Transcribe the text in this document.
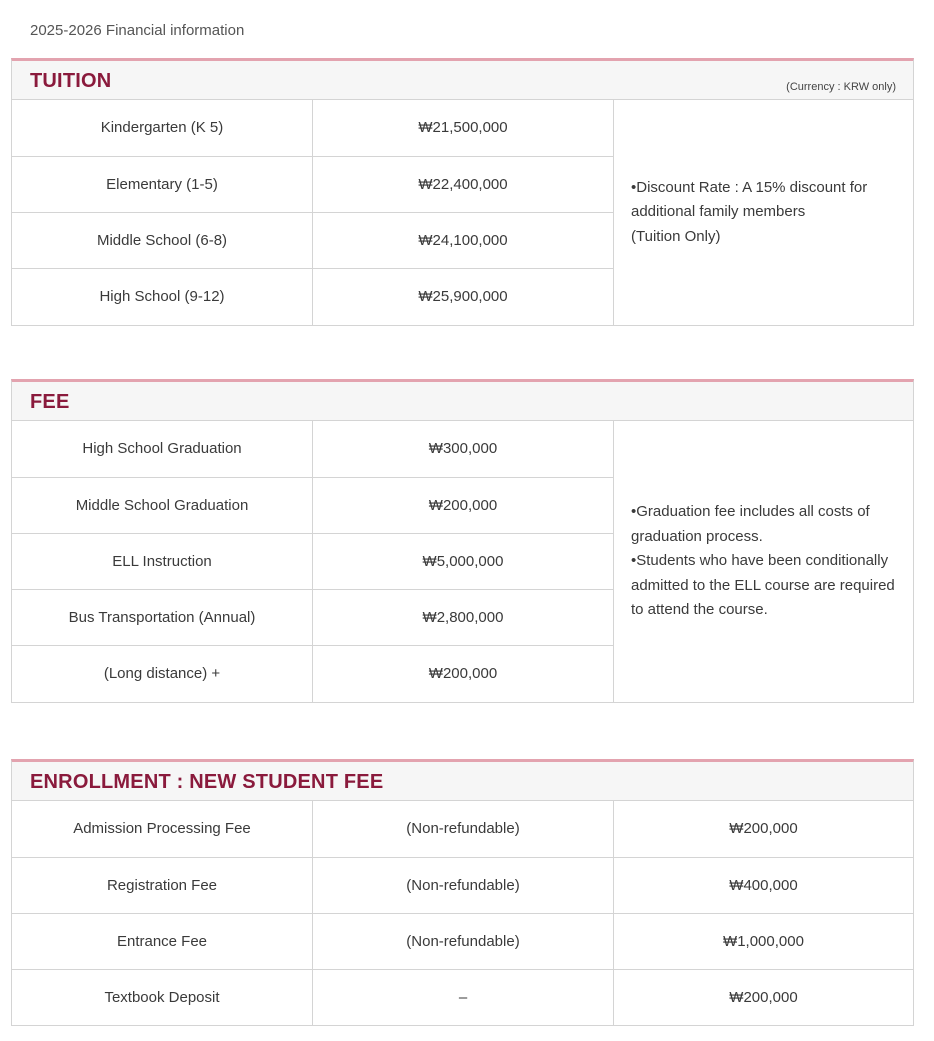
2025-2026 Financial information
TUITION	(Currency : KRW only)
Kindergarten (K 5)	₩21,500,000	•Discount Rate : A 15% discount for additional family members
(Tuition Only)

Elementary (1-5)	₩22,400,000	
Middle School (6-8)	₩24,100,000	
High School (9-12)	₩25,900,000	
FEE
High School Graduation	₩300,000	•Graduation fee includes all costs of graduation process.
•Students who have been conditionally admitted to the ELL course are required to attend the course.

Middle School Graduation	₩200,000	
ELL Instruction	₩5,000,000	
Bus Transportation (Annual)	₩2,800,000	
(Long distance) +	₩200,000	
ENROLLMENT : NEW STUDENT FEE
Admission Processing Fee	(Non-refundable)	₩200,000
Registration Fee	(Non-refundable)	₩400,000
Entrance Fee	(Non-refundable)	₩1,000,000
Textbook Deposit	–	₩200,000
